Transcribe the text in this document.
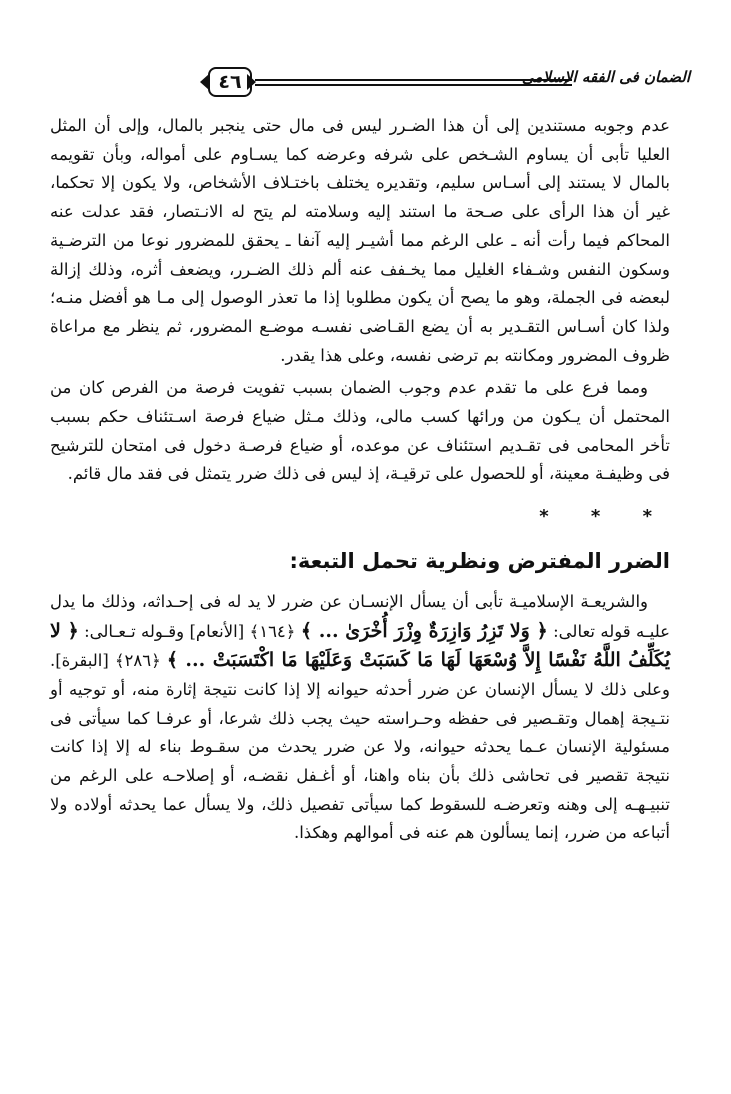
٤٦	الضمان فى الفقه الإسلامى

عدم وجوبه مستندين إلى أن هذا الضـرر ليس فى مال حتى ينجبر بالمال، وإلى أن المثل العليا تأبى أن يساوم الشـخص على شرفه وعرضه كما يسـاوم على أمواله، وبأن تقويمه بالمال لا يستند إلى أسـاس سليم، وتقديره يختلف باختـلاف الأشخاص، ولا يكون إلا تحكما، غير أن هذا الرأى على صـحة ما استند إليه وسلامته لم يتح له الانـتصار، فقد عدلت عنه المحاكم فيما رأت أنه ـ على الرغم مما أشيـر إليه آنفا ـ يحقق للمضرور نوعا من الترضـية وسكون النفس وشـفاء الغليل مما يخـفف عنه ألم ذلك الضـرر، ويضعف أثره، وذلك إزالة لبعضه فى الجملة، وهو ما يصح أن يكون مطلوبا إذا ما تعذر الوصول إلى مـا هو أفضل منـه؛ ولذا كان أسـاس التقـدير به أن يضع القـاضى نفسـه موضـع المضرور، ثم ينظر مع مراعاة ظروف المضرور ومكانته بم ترضى نفسه، وعلى هذا يقدر.

ومما فرع على ما تقدم عدم وجوب الضمان بسبب تفويت فرصة من الفرص كان من المحتمل أن يـكون من ورائها كسب مالى، وذلك مـثل ضياع فرصة اسـتئناف حكم بسبب تأخر المحامى فى تقـديم استئناف عن موعده، أو ضياع فرصـة دخول فى امتحان للترشيح فى وظيفـة معينة، أو للحصول على ترقيـة، إذ ليس فى ذلك ضرر يتمثل فى فقد مال قائم.

* * *
الضرر المفترض ونظرية تحمل التبعة:

والشريعـة الإسلاميـة تأبى أن يسأل الإنسـان عن ضرر لا يد له فى إحـداثه، وذلك ما يدل عليـه قوله تعالى: ﴿ وَلا تَزِرُ وَازِرَةٌ وِزْرَ أُخْرَىٰ ... ﴾ ﴿١٦٤﴾ [الأنعام] وقـوله تـعـالى: ﴿ لا يُكَلِّفُ اللَّهُ نَفْسًا إِلاَّ وُسْعَهَا لَهَا مَا كَسَبَتْ وَعَلَيْهَا مَا اكْتَسَبَتْ ... ﴾ ﴿٢٨٦﴾ [البقرة]. وعلى ذلك لا يسأل الإنسان عن ضرر أحدثه حيوانه إلا إذا كانت نتيجة إثارة منه، أو توجيه أو نتـيجة إهمال وتقـصير فى حفظه وحـراسته حيث يجب ذلك شرعا، أو عرفـا كما سيأتى فى مسئولية الإنسان عـما يحدثه حيوانه، ولا عن ضرر يحدث من سقـوط بناء له إلا إذا كانت نتيجة تقصير فى تحاشى ذلك بأن بناه واهنا، أو أغـفل نقضـه، أو إصلاحـه على الرغم من تنبيـهـه إلى وهنه وتعرضـه للسقوط كما سيأتى تفصيل ذلك، ولا يسأل عما يحدثه أولاده ولا أتباعه من ضرر، إنما يسألون هم عنه فى أموالهم وهكذا.
